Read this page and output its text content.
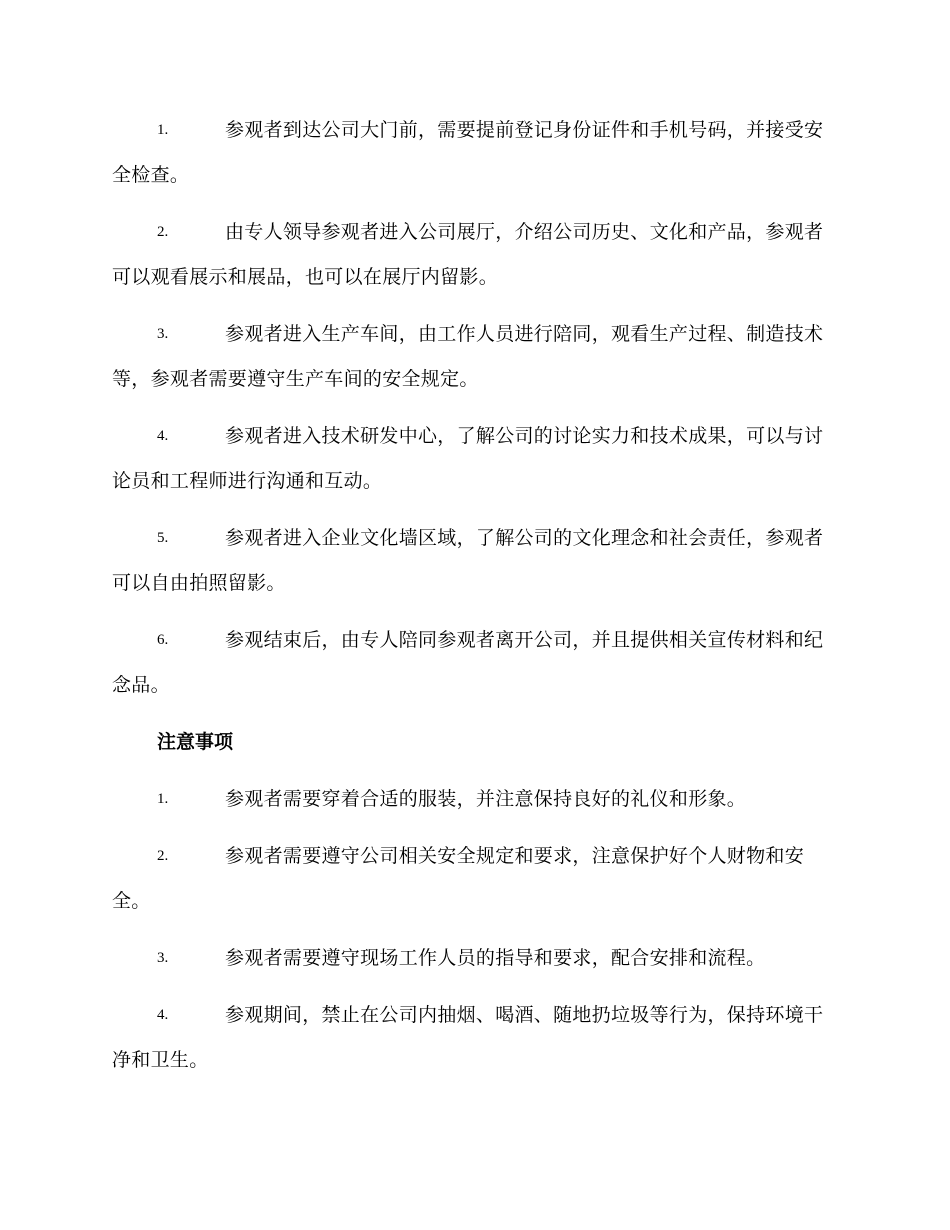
1.	参观者到达公司大门前，需要提前登记身份证件和手机号码，并接受安全检查。
2.	由专人领导参观者进入公司展厅，介绍公司历史、文化和产品，参观者可以观看展示和展品，也可以在展厅内留影。
3.	参观者进入生产车间，由工作人员进行陪同，观看生产过程、制造技术等，参观者需要遵守生产车间的安全规定。
4.	参观者进入技术研发中心，了解公司的讨论实力和技术成果，可以与讨论员和工程师进行沟通和互动。
5.	参观者进入企业文化墙区域，了解公司的文化理念和社会责任，参观者可以自由拍照留影。
6.	参观结束后，由专人陪同参观者离开公司，并且提供相关宣传材料和纪念品。
注意事项
1.	参观者需要穿着合适的服装，并注意保持良好的礼仪和形象。
2.	参观者需要遵守公司相关安全规定和要求，注意保护好个人财物和安全。
3.	参观者需要遵守现场工作人员的指导和要求，配合安排和流程。
4.	参观期间，禁止在公司内抽烟、喝酒、随地扔垃圾等行为，保持环境干净和卫生。
